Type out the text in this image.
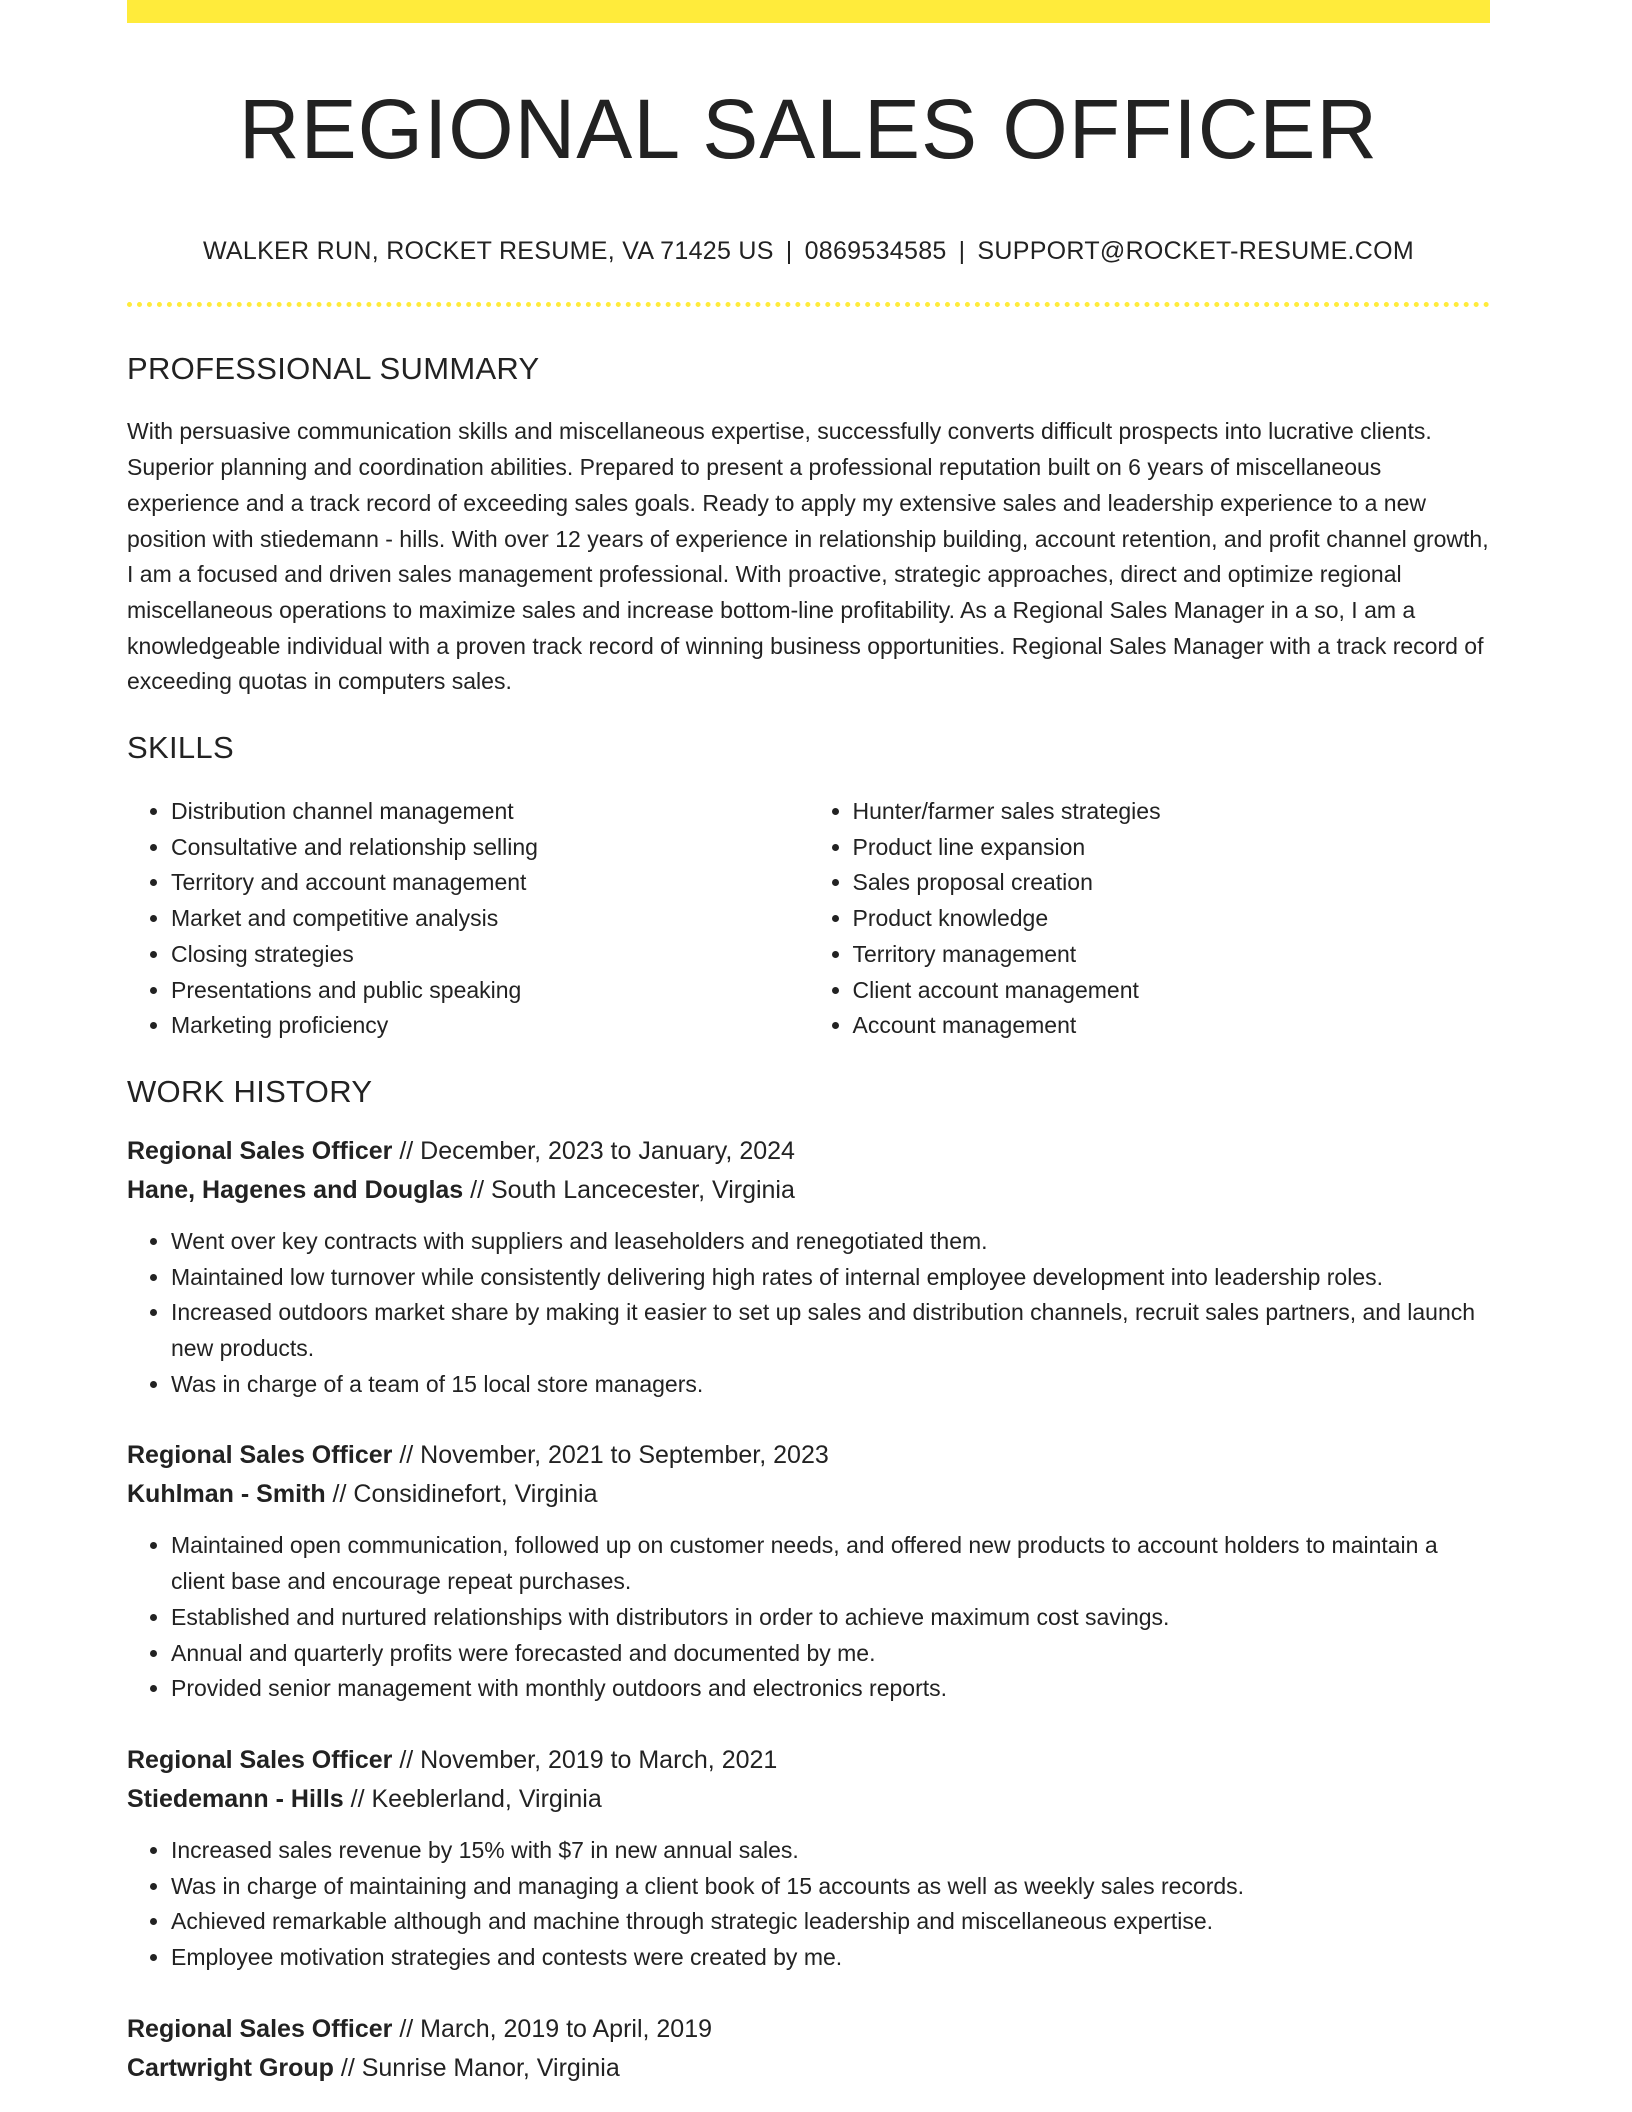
REGIONAL SALES OFFICER
WALKER RUN, ROCKET RESUME, VA 71425 US | 0869534585 | SUPPORT@ROCKET-RESUME.COM
PROFESSIONAL SUMMARY

With persuasive communication skills and miscellaneous expertise, successfully converts difficult prospects into lucrative clients. Superior planning and coordination abilities. Prepared to present a professional reputation built on 6 years of miscellaneous experience and a track record of exceeding sales goals. Ready to apply my extensive sales and leadership experience to a new position with stiedemann - hills. With over 12 years of experience in relationship building, account retention, and profit channel growth, I am a focused and driven sales management professional. With proactive, strategic approaches, direct and optimize regional miscellaneous operations to maximize sales and increase bottom-line profitability. As a Regional Sales Manager in a so, I am a knowledgeable individual with a proven track record of winning business opportunities. Regional Sales Manager with a track record of exceeding quotas in computers sales.

SKILLS
• Distribution channel management
• Consultative and relationship selling
• Territory and account management
• Market and competitive analysis
• Closing strategies
• Presentations and public speaking
• Marketing proficiency
• Hunter/farmer sales strategies
• Product line expansion
• Sales proposal creation
• Product knowledge
• Territory management
• Client account management
• Account management
WORK HISTORY
Regional Sales Officer // December, 2023 to January, 2024
Hane, Hagenes and Douglas // South Lancecester, Virginia
• Went over key contracts with suppliers and leaseholders and renegotiated them.
• Maintained low turnover while consistently delivering high rates of internal employee development into leadership roles.
• Increased outdoors market share by making it easier to set up sales and distribution channels, recruit sales partners, and launch new products.
• Was in charge of a team of 15 local store managers.
Regional Sales Officer // November, 2021 to September, 2023
Kuhlman - Smith // Considinefort, Virginia
• Maintained open communication, followed up on customer needs, and offered new products to account holders to maintain a client base and encourage repeat purchases.
• Established and nurtured relationships with distributors in order to achieve maximum cost savings.
• Annual and quarterly profits were forecasted and documented by me.
• Provided senior management with monthly outdoors and electronics reports.
Regional Sales Officer // November, 2019 to March, 2021
Stiedemann - Hills // Keeblerland, Virginia
• Increased sales revenue by 15% with $7 in new annual sales.
• Was in charge of maintaining and managing a client book of 15 accounts as well as weekly sales records.
• Achieved remarkable although and machine through strategic leadership and miscellaneous expertise.
• Employee motivation strategies and contests were created by me.
Regional Sales Officer // March, 2019 to April, 2019
Cartwright Group // Sunrise Manor, Virginia
